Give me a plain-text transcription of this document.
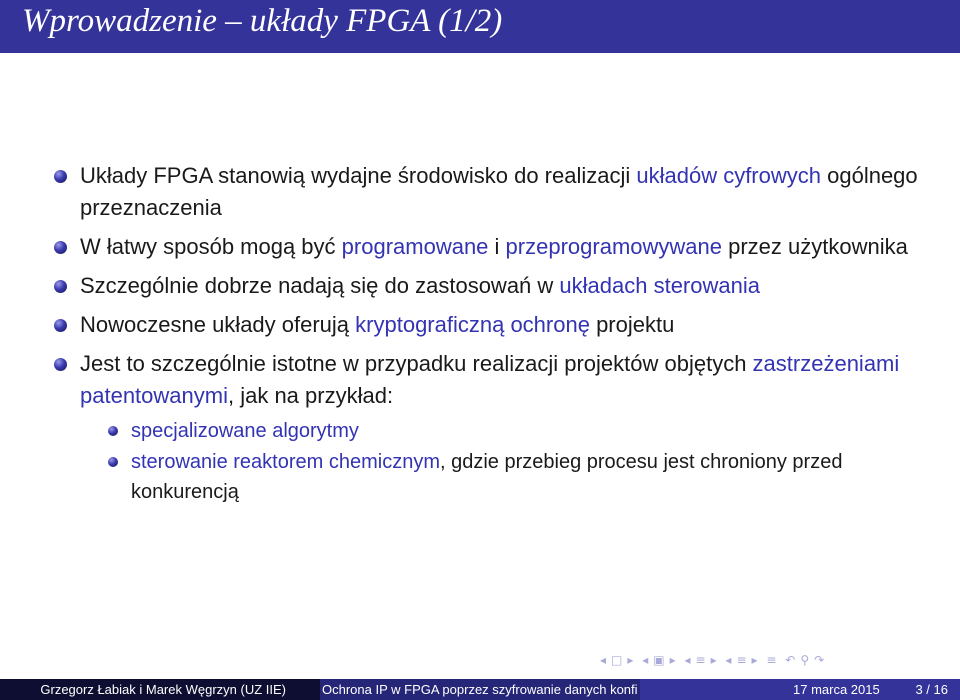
Wprowadzenie – układy FPGA (1/2)
Układy FPGA stanowią wydajne środowisko do realizacji układów cyfrowych ogólnego przeznaczenia
W łatwy sposób mogą być programowane i przeprogramowywane przez użytkownika
Szczególnie dobrze nadają się do zastosowań w układach sterowania
Nowoczesne układy oferują kryptograficzną ochronę projektu
Jest to szczególnie istotne w przypadku realizacji projektów objętych zastrzeżeniami patentowanymi, jak na przykład:
specjalizowane algorytmy
sterowanie reaktorem chemicznym, gdzie przebieg procesu jest chroniony przed konkurencją
◂ □ ▸ ◂ ▣ ▸ ◂ ≡ ▸ ◂ ≡ ▸ ≡ ↶ ⚲ ↷
Grzegorz Łabiak i Marek Węgrzyn (UZ IIE)	Ochrona IP w FPGA poprzez szyfrowanie danych konfi	17 marca 2015	3 / 16
